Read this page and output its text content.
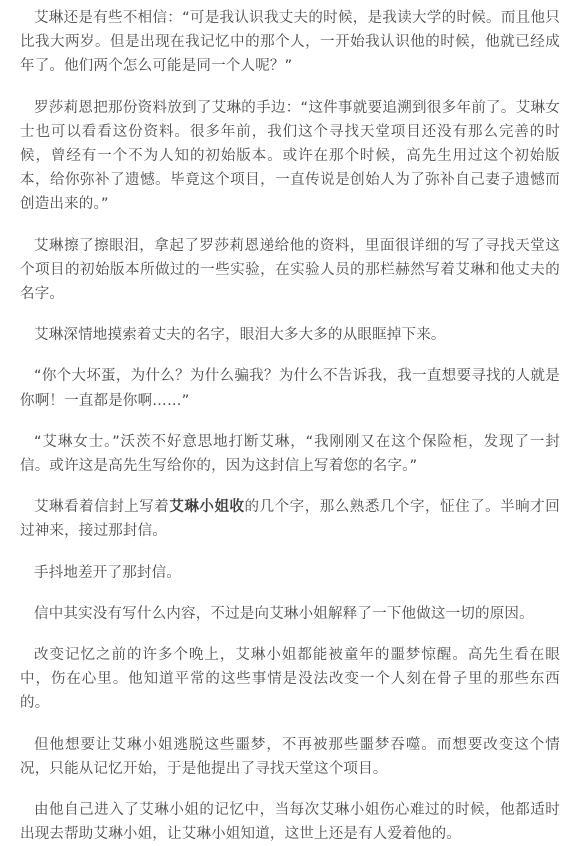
艾琳还是有些不相信：“可是我认识我丈夫的时候，是我读大学的时候。而且他只比我大两岁。但是出现在我记忆中的那个人，一开始我认识他的时候，他就已经成年了。他们两个怎么可能是同一个人呢？”

罗莎莉恩把那份资料放到了艾琳的手边：“这件事就要追溯到很多年前了。艾琳女士也可以看看这份资料。很多年前，我们这个寻找天堂项目还没有那么完善的时候，曾经有一个不为人知的初始版本。或许在那个时候，高先生用过这个初始版本，给你弥补了遗憾。毕竟这个项目，一直传说是创始人为了弥补自己妻子遗憾而创造出来的。”

艾琳擦了擦眼泪，拿起了罗莎莉恩递给他的资料，里面很详细的写了寻找天堂这个项目的初始版本所做过的一些实验，在实验人员的那栏赫然写着艾琳和他丈夫的名字。

艾琳深情地摸索着丈夫的名字，眼泪大多大多的从眼眶掉下来。

“你个大坏蛋，为什么？为什么骗我？为什么不告诉我，我一直想要寻找的人就是你啊！一直都是你啊……”

“艾琳女士。”沃茨不好意思地打断艾琳，“我刚刚又在这个保险柜，发现了一封信。或许这是高先生写给你的，因为这封信上写着您的名字。”

艾琳看着信封上写着艾琳小姐收的几个字，那么熟悉几个字，怔住了。半晌才回过神来，接过那封信。

手抖地差开了那封信。

信中其实没有写什么内容，不过是向艾琳小姐解释了一下他做这一切的原因。

改变记忆之前的许多个晚上，艾琳小姐都能被童年的噩梦惊醒。高先生看在眼中，伤在心里。他知道平常的这些事情是没法改变一个人刻在骨子里的那些东西的。

但他想要让艾琳小姐逃脱这些噩梦，不再被那些噩梦吞噬。而想要改变这个情况，只能从记忆开始，于是他提出了寻找天堂这个项目。

由他自己进入了艾琳小姐的记忆中，当每次艾琳小姐伤心难过的时候，他都适时出现去帮助艾琳小姐，让艾琳小姐知道，这世上还是有人爱着他的。
